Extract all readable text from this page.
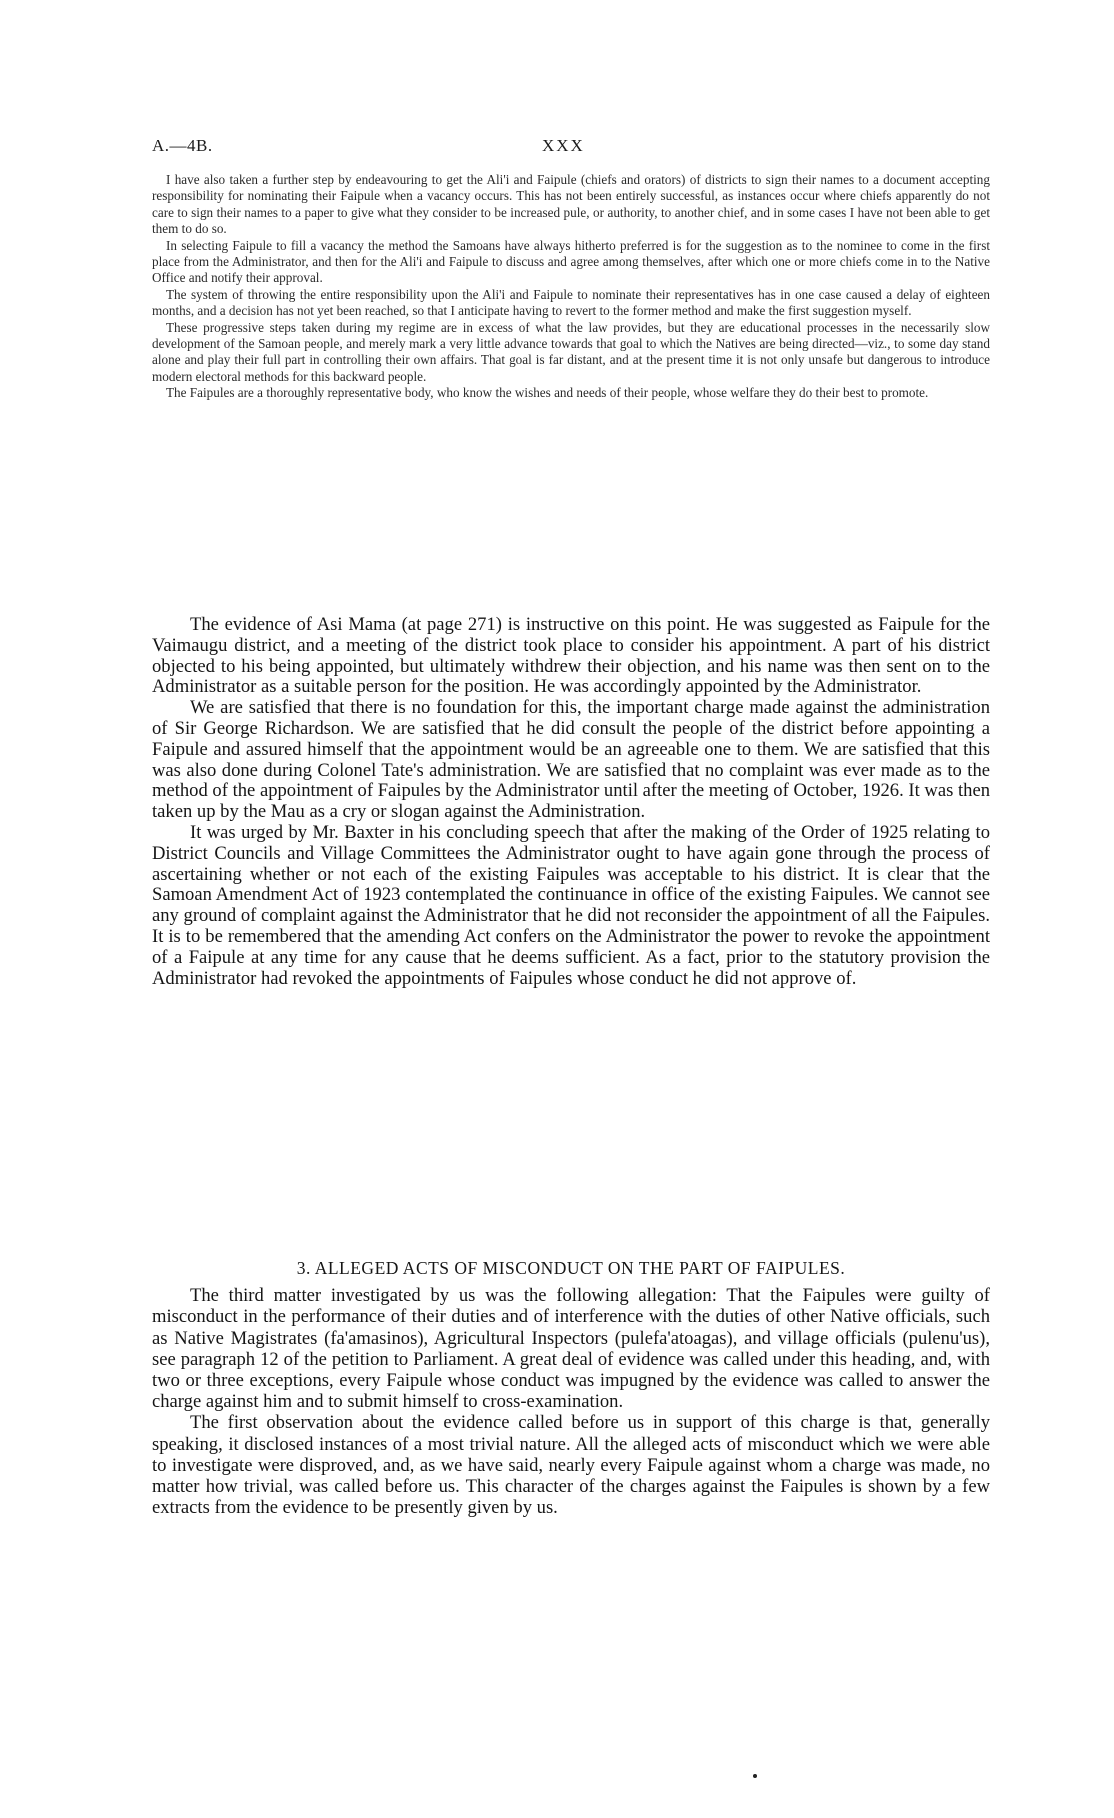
A.—4B.	XXX

I have also taken a further step by endeavouring to get the Ali'i and Faipule (chiefs and orators) of districts to sign their names to a document accepting responsibility for nominating their Faipule when a vacancy occurs. This has not been entirely successful, as instances occur where chiefs apparently do not care to sign their names to a paper to give what they consider to be increased pule, or authority, to another chief, and in some cases I have not been able to get them to do so.

In selecting Faipule to fill a vacancy the method the Samoans have always hitherto preferred is for the suggestion as to the nominee to come in the first place from the Administrator, and then for the Ali'i and Faipule to discuss and agree among themselves, after which one or more chiefs come in to the Native Office and notify their approval.

The system of throwing the entire responsibility upon the Ali'i and Faipule to nominate their representatives has in one case caused a delay of eighteen months, and a decision has not yet been reached, so that I anticipate having to revert to the former method and make the first suggestion myself.

These progressive steps taken during my regime are in excess of what the law provides, but they are educational processes in the necessarily slow development of the Samoan people, and merely mark a very little advance towards that goal to which the Natives are being directed—viz., to some day stand alone and play their full part in controlling their own affairs. That goal is far distant, and at the present time it is not only unsafe but dangerous to introduce modern electoral methods for this backward people.

The Faipules are a thoroughly representative body, who know the wishes and needs of their people, whose welfare they do their best to promote.

The evidence of Asi Mama (at page 271) is instructive on this point. He was suggested as Faipule for the Vaimaugu district, and a meeting of the district took place to consider his appointment. A part of his district objected to his being appointed, but ultimately withdrew their objection, and his name was then sent on to the Administrator as a suitable person for the position. He was accordingly appointed by the Administrator.

We are satisfied that there is no foundation for this, the important charge made against the administration of Sir George Richardson. We are satisfied that he did consult the people of the district before appointing a Faipule and assured himself that the appointment would be an agreeable one to them. We are satisfied that this was also done during Colonel Tate's administration. We are satisfied that no complaint was ever made as to the method of the appointment of Faipules by the Administrator until after the meeting of October, 1926. It was then taken up by the Mau as a cry or slogan against the Administration.

It was urged by Mr. Baxter in his concluding speech that after the making of the Order of 1925 relating to District Councils and Village Committees the Administrator ought to have again gone through the process of ascertaining whether or not each of the existing Faipules was acceptable to his district. It is clear that the Samoan Amendment Act of 1923 contemplated the continuance in office of the existing Faipules. We cannot see any ground of complaint against the Administrator that he did not reconsider the appointment of all the Faipules. It is to be remembered that the amending Act confers on the Administrator the power to revoke the appointment of a Faipule at any time for any cause that he deems sufficient. As a fact, prior to the statutory provision the Administrator had revoked the appointments of Faipules whose conduct he did not approve of.

3. ALLEGED ACTS OF MISCONDUCT ON THE PART OF FAIPULES.

The third matter investigated by us was the following allegation: That the Faipules were guilty of misconduct in the performance of their duties and of interference with the duties of other Native officials, such as Native Magistrates (fa'amasinos), Agricultural Inspectors (pulefa'atoagas), and village officials (pulenu'us), see paragraph 12 of the petition to Parliament. A great deal of evidence was called under this heading, and, with two or three exceptions, every Faipule whose conduct was impugned by the evidence was called to answer the charge against him and to submit himself to cross-examination.

The first observation about the evidence called before us in support of this charge is that, generally speaking, it disclosed instances of a most trivial nature. All the alleged acts of misconduct which we were able to investigate were disproved, and, as we have said, nearly every Faipule against whom a charge was made, no matter how trivial, was called before us. This character of the charges against the Faipules is shown by a few extracts from the evidence to be presently given by us.
